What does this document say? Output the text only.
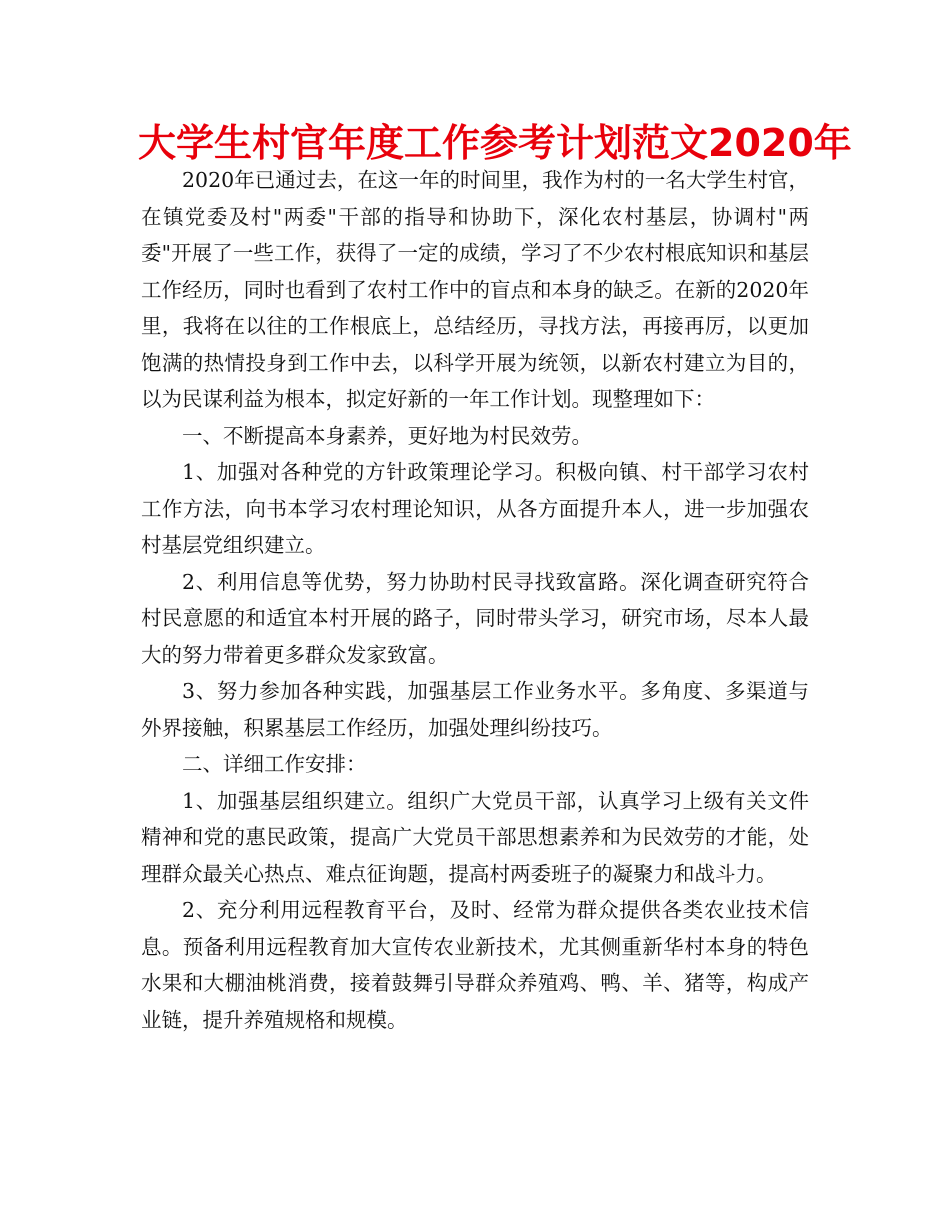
大学生村官年度工作参考计划范文2020年

2020年已通过去，在这一年的时间里，我作为村的一名大学生村官，在镇党委及村"两委"干部的指导和协助下，深化农村基层，协调村"两委"开展了一些工作，获得了一定的成绩，学习了不少农村根底知识和基层工作经历，同时也看到了农村工作中的盲点和本身的缺乏。在新的2020年里，我将在以往的工作根底上，总结经历，寻找方法，再接再厉，以更加饱满的热情投身到工作中去，以科学开展为统领，以新农村建立为目的，以为民谋利益为根本，拟定好新的一年工作计划。现整理如下：

一、不断提高本身素养，更好地为村民效劳。

1、加强对各种党的方针政策理论学习。积极向镇、村干部学习农村工作方法，向书本学习农村理论知识，从各方面提升本人，进一步加强农村基层党组织建立。

2、利用信息等优势，努力协助村民寻找致富路。深化调查研究符合村民意愿的和适宜本村开展的路子，同时带头学习，研究市场，尽本人最大的努力带着更多群众发家致富。

3、努力参加各种实践，加强基层工作业务水平。多角度、多渠道与外界接触，积累基层工作经历，加强处理纠纷技巧。

二、详细工作安排：

1、加强基层组织建立。组织广大党员干部，认真学习上级有关文件精神和党的惠民政策，提高广大党员干部思想素养和为民效劳的才能，处理群众最关心热点、难点征询题，提高村两委班子的凝聚力和战斗力。

2、充分利用远程教育平台，及时、经常为群众提供各类农业技术信息。预备利用远程教育加大宣传农业新技术，尤其侧重新华村本身的特色水果和大棚油桃消费，接着鼓舞引导群众养殖鸡、鸭、羊、猪等，构成产业链，提升养殖规格和规模。
